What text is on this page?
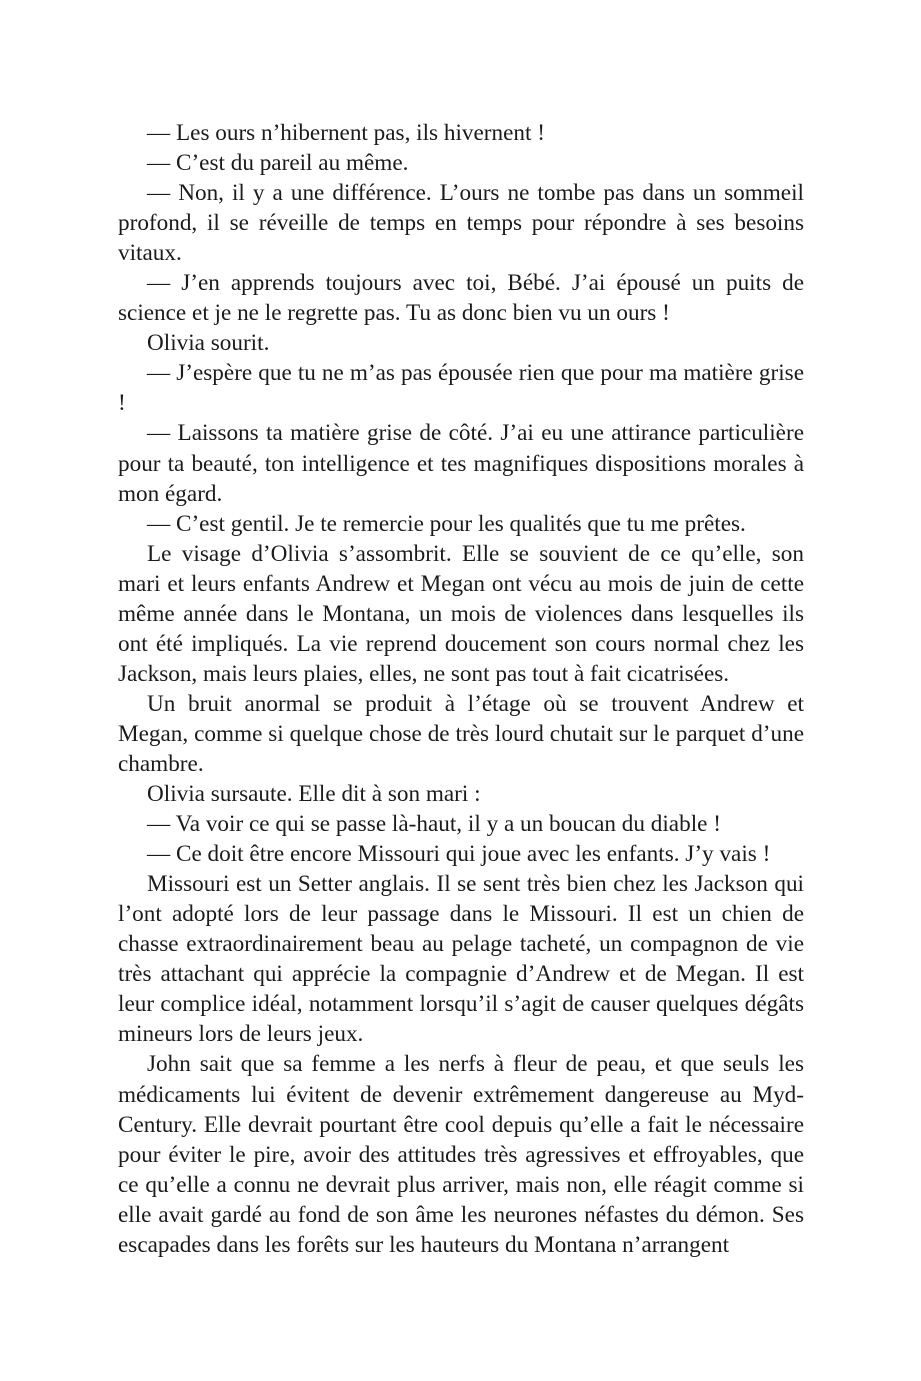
— Les ours n’hibernent pas, ils hivernent !

— C’est du pareil au même.

— Non, il y a une différence. L’ours ne tombe pas dans un sommeil profond, il se réveille de temps en temps pour répondre à ses besoins vitaux.

— J’en apprends toujours avec toi, Bébé. J’ai épousé un puits de science et je ne le regrette pas. Tu as donc bien vu un ours !

Olivia sourit.

— J’espère que tu ne m’as pas épousée rien que pour ma matière grise !

— Laissons ta matière grise de côté. J’ai eu une attirance particulière pour ta beauté, ton intelligence et tes magnifiques dispositions morales à mon égard.

— C’est gentil. Je te remercie pour les qualités que tu me prêtes.

Le visage d’Olivia s’assombrit. Elle se souvient de ce qu’elle, son mari et leurs enfants Andrew et Megan ont vécu au mois de juin de cette même année dans le Montana, un mois de violences dans lesquelles ils ont été impliqués. La vie reprend doucement son cours normal chez les Jackson, mais leurs plaies, elles, ne sont pas tout à fait cicatrisées.

Un bruit anormal se produit à l’étage où se trouvent Andrew et Megan, comme si quelque chose de très lourd chutait sur le parquet d’une chambre.

Olivia sursaute. Elle dit à son mari :

— Va voir ce qui se passe là-haut, il y a un boucan du diable !

— Ce doit être encore Missouri qui joue avec les enfants. J’y vais !

Missouri est un Setter anglais. Il se sent très bien chez les Jackson qui l’ont adopté lors de leur passage dans le Missouri. Il est un chien de chasse extraordinairement beau au pelage tacheté, un compagnon de vie très attachant qui apprécie la compagnie d’Andrew et de Megan. Il est leur complice idéal, notamment lorsqu’il s’agit de causer quelques dégâts mineurs lors de leurs jeux.

John sait que sa femme a les nerfs à fleur de peau, et que seuls les médicaments lui évitent de devenir extrêmement dangereuse au Myd-Century. Elle devrait pourtant être cool depuis qu’elle a fait le nécessaire pour éviter le pire, avoir des attitudes très agressives et effroyables, que ce qu’elle a connu ne devrait plus arriver, mais non, elle réagit comme si elle avait gardé au fond de son âme les neurones néfastes du démon. Ses escapades dans les forêts sur les hauteurs du Montana n’arrangent
